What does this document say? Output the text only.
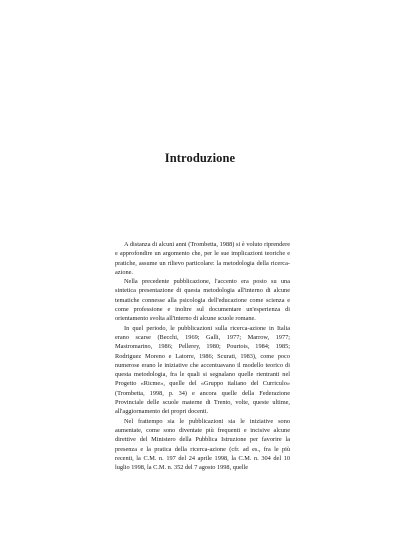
Introduzione

A distanza di alcuni anni (Trombetta, 1988) si è voluto riprendere e approfondire un argomento che, per le sue implicazioni teoriche e pratiche, assume un rilievo particolare: la metodologia della ricerca-azione.

Nella precedente pubblicazione, l'accento era posto su una sintetica presentazione di questa metodologia all'interno di alcune tematiche connesse alla psicologia dell'educazione come scienza e come professione e inoltre sul documentare un'esperienza di orientamento svolta all'interno di alcune scuole romane.

In quel periodo, le pubblicazioni sulla ricerca-azione in Italia erano scarse (Becchi, 1969; Galli, 1977; Marrow, 1977; Mastromarino, 1986; Pellerey, 1980; Pourtois, 1984; 1985; Rodriguez Moreno e Latorre, 1986; Scurati, 1983), come poco numerose erano le iniziative che accentuavano il modello teorico di questa metodologia, fra le quali si segnalano quelle rientranti nel Progetto «Ricme», quelle del «Gruppo italiano del Curriculo» (Trombetta, 1998, p. 34) e ancora quelle della Federazione Provinciale delle scuole materne di Trento, volte, queste ultime, all'aggiornamento dei propri docenti.

Nel frattempo sia le pubblicazioni sia le iniziative sono aumentate, come sono diventate più frequenti e incisive alcune direttive del Ministero della Pubblica Istruzione per favorire la presenza e la pratica della ricerca-azione (cfr. ad es., fra le più recenti, la C.M. n. 197 del 24 aprile 1998, la C.M. n. 304 del 10 luglio 1998, la C.M. n. 352 del 7 agosto 1998, quelle
